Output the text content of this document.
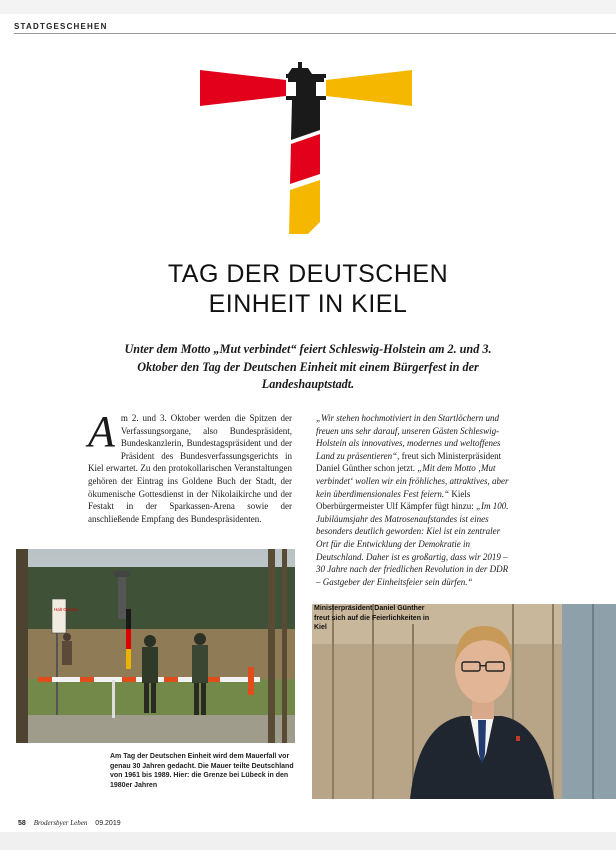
STADTGESCHEHEN
TAG DER DEUTSCHEN
EINHEIT IN KIEL

Unter dem Motto „Mut verbindet“ feiert Schleswig-Holstein am 2. und 3. Oktober den Tag der Deutschen Einheit mit einem Bürgerfest in der Landeshauptstadt.

Am 2. und 3. Oktober werden die Spitzen der Verfassungsorgane, also Bundespräsident, Bundeskanzlerin, Bundestagspräsident und der Präsident des Bundesverfassungsgerichts in Kiel erwartet. Zu den protokollarischen Veranstaltungen gehören der Eintrag ins Goldene Buch der Stadt, der ökumenische Gottesdienst in der Nikolaikirche und der Festakt in der Sparkassen-Arena sowie der anschließende Empfang des Bundespräsidenten.
„Wir stehen hochmotiviert in den Startlöchern und freuen uns sehr darauf, unseren Gästen Schleswig-Holstein als innovatives, modernes und weltoffenes Land zu präsentieren“, freut sich Ministerpräsident Daniel Günther schon jetzt. „Mit dem Motto ‚Mut verbindet‘ wollen wir ein fröhliches, attraktives, aber kein überdimensionales Fest feiern.“ Kiels Oberbürgermeister Ulf Kämpfer fügt hinzu: „Im 100. Jubiläumsjahr des Matrosenaufstandes ist eines besonders deutlich geworden: Kiel ist ein zentraler Ort für die Entwicklung der Demokratie in Deutschland. Daher ist es großartig, dass wir 2019 – 30 Jahre nach der friedlichen Revolution in der DDR – Gastgeber der Einheitsfeier sein dürfen.“
Halt Grenze

Am Tag der Deutschen Einheit wird dem Mauerfall vor genau 30 Jahren gedacht. Die Mauer teilte Deutschland von 1961 bis 1989. Hier: die Grenze bei Lübeck in den 1980er Jahren

Ministerpräsident Daniel Günther freut sich auf die Feierlichkeiten in Kiel

58 Brodersbyer Leben 09.2019
